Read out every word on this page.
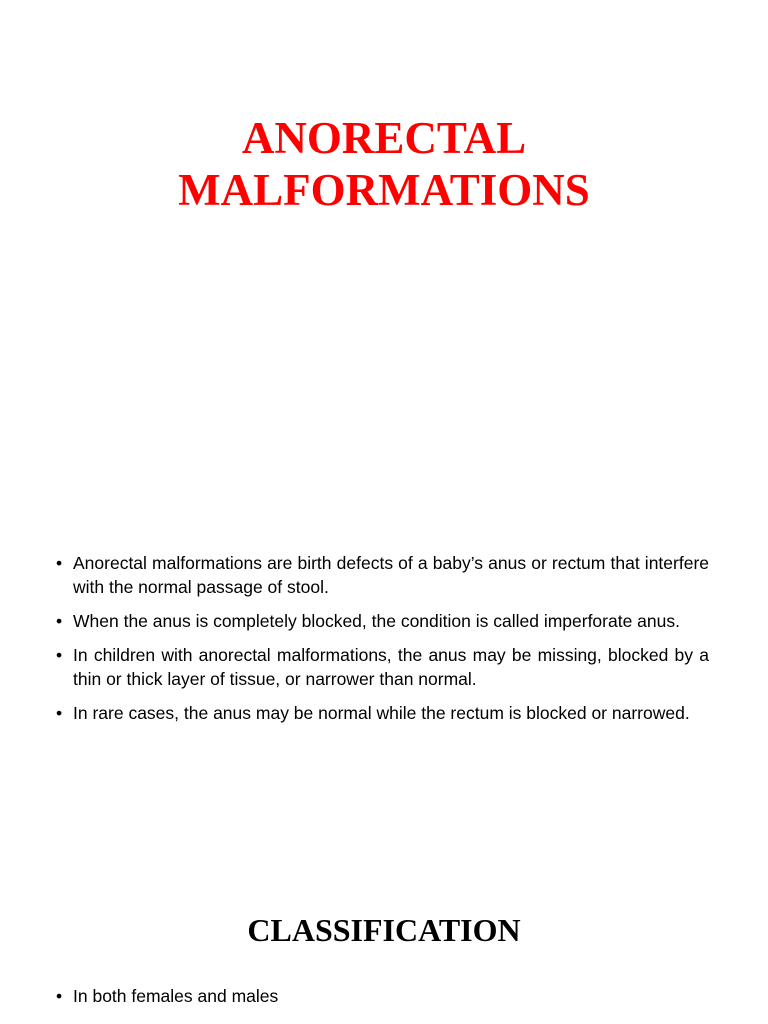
ANORECTAL
MALFORMATIONS
• Anorectal malformations are birth defects of a baby’s anus or rectum that interfere with the normal passage of stool.
• When the anus is completely blocked, the condition is called imperforate anus.
• In children with anorectal malformations, the anus may be missing, blocked by a thin or thick layer of tissue, or narrower than normal.
• In rare cases, the anus may be normal while the rectum is blocked or narrowed.
CLASSIFICATION
• In both females and males
